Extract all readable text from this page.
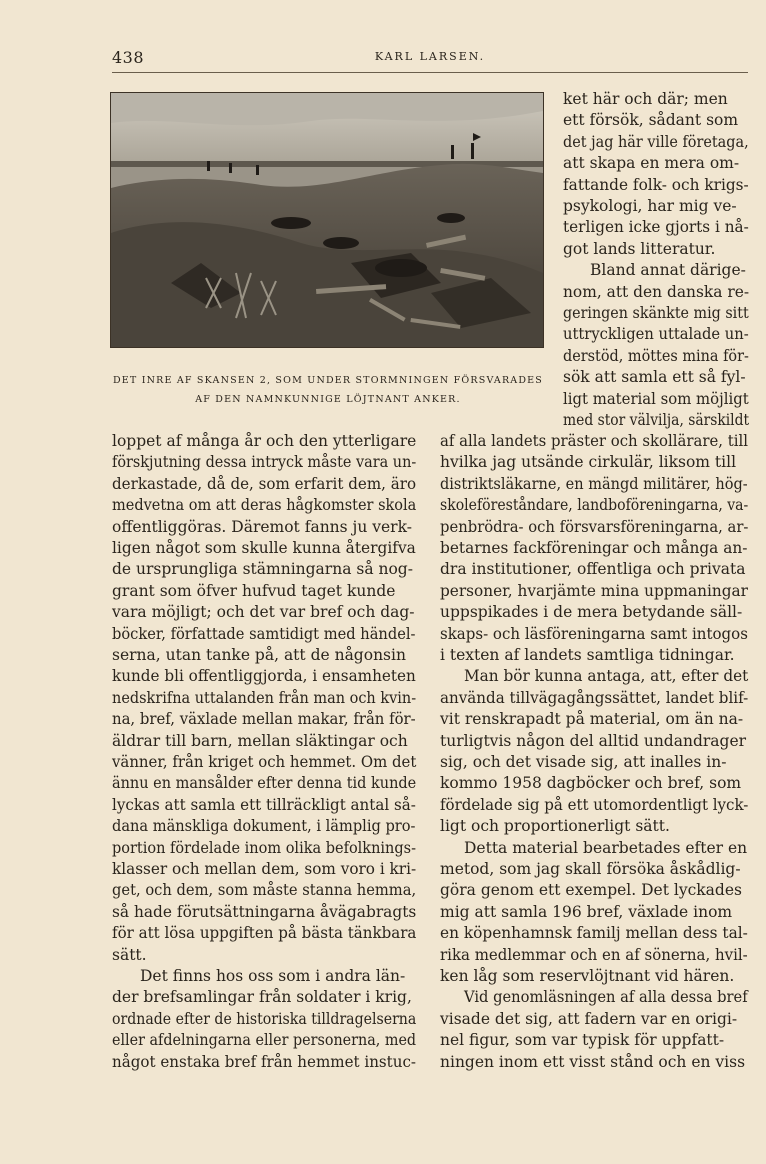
438	KARL LARSEN.
DET INRE AF SKANSEN 2, SOM UNDER STORMNINGEN FÖRSVARADES
AF DEN NAMNKUNNIGE LÖJTNANT ANKER.
ket här och där; men
ett försök, sådant som
det jag här ville företaga,
att skapa en mera om-
fattande folk- och krigs-
psykologi, har mig ve-
terligen icke gjorts i nå-
got lands litteratur.
Bland annat därige-
nom, att den danska re-
geringen skänkte mig sitt
uttryckligen uttalade un-
derstöd, möttes mina för-
sök att samla ett så fyl-
ligt material som möjligt
med stor välvilja, särskildt
loppet af många år och den ytterligare
förskjutning dessa intryck måste vara un-
derkastade, då de, som erfarit dem, äro
medvetna om att deras hågkomster skola
offentliggöras. Däremot fanns ju verk-
ligen något som skulle kunna återgifva
de ursprungliga stämningarna så nog-
grant som öfver hufvud taget kunde
vara möjligt; och det var bref och dag-
böcker, författade samtidigt med händel-
serna, utan tanke på, att de någonsin
kunde bli offentliggjorda, i ensamheten
nedskrifna uttalanden från man och kvin-
na, bref, växlade mellan makar, från för-
äldrar till barn, mellan släktingar och
vänner, från kriget och hemmet. Om det
ännu en mansålder efter denna tid kunde
lyckas att samla ett tillräckligt antal så-
dana mänskliga dokument, i lämplig pro-
portion fördelade inom olika befolknings-
klasser och mellan dem, som voro i kri-
get, och dem, som måste stanna hemma,
så hade förutsättningarna åvägabragts
för att lösa uppgiften på bästa tänkbara
sätt.
Det finns hos oss som i andra län-
der brefsamlingar från soldater i krig,
ordnade efter de historiska tilldragelserna
eller afdelningarna eller personerna, med
något enstaka bref från hemmet instuc-
af alla landets präster och skollärare, till
hvilka jag utsände cirkulär, liksom till
distriktsläkarne, en mängd militärer, hög-
skoleföreståndare, landboföreningarna, va-
penbrödra- och försvarsföreningarna, ar-
betarnes fackföreningar och många an-
dra institutioner, offentliga och privata
personer, hvarjämte mina uppmaningar
uppspikades i de mera betydande säll-
skaps- och läsföreningarna samt intogos
i texten af landets samtliga tidningar.
Man bör kunna antaga, att, efter det
använda tillvägagångssättet, landet blif-
vit renskrapadt på material, om än na-
turligtvis någon del alltid undandrager
sig, och det visade sig, att inalles in-
kommo 1958 dagböcker och bref, som
fördelade sig på ett utomordentligt lyck-
ligt och proportionerligt sätt.
Detta material bearbetades efter en
metod, som jag skall försöka åskådlig-
göra genom ett exempel. Det lyckades
mig att samla 196 bref, växlade inom
en köpenhamnsk familj mellan dess tal-
rika medlemmar och en af sönerna, hvil-
ken låg som reservlöjtnant vid hären.
Vid genomläsningen af alla dessa bref
visade det sig, att fadern var en origi-
nel figur, som var typisk för uppfatt-
ningen inom ett visst stånd och en viss
